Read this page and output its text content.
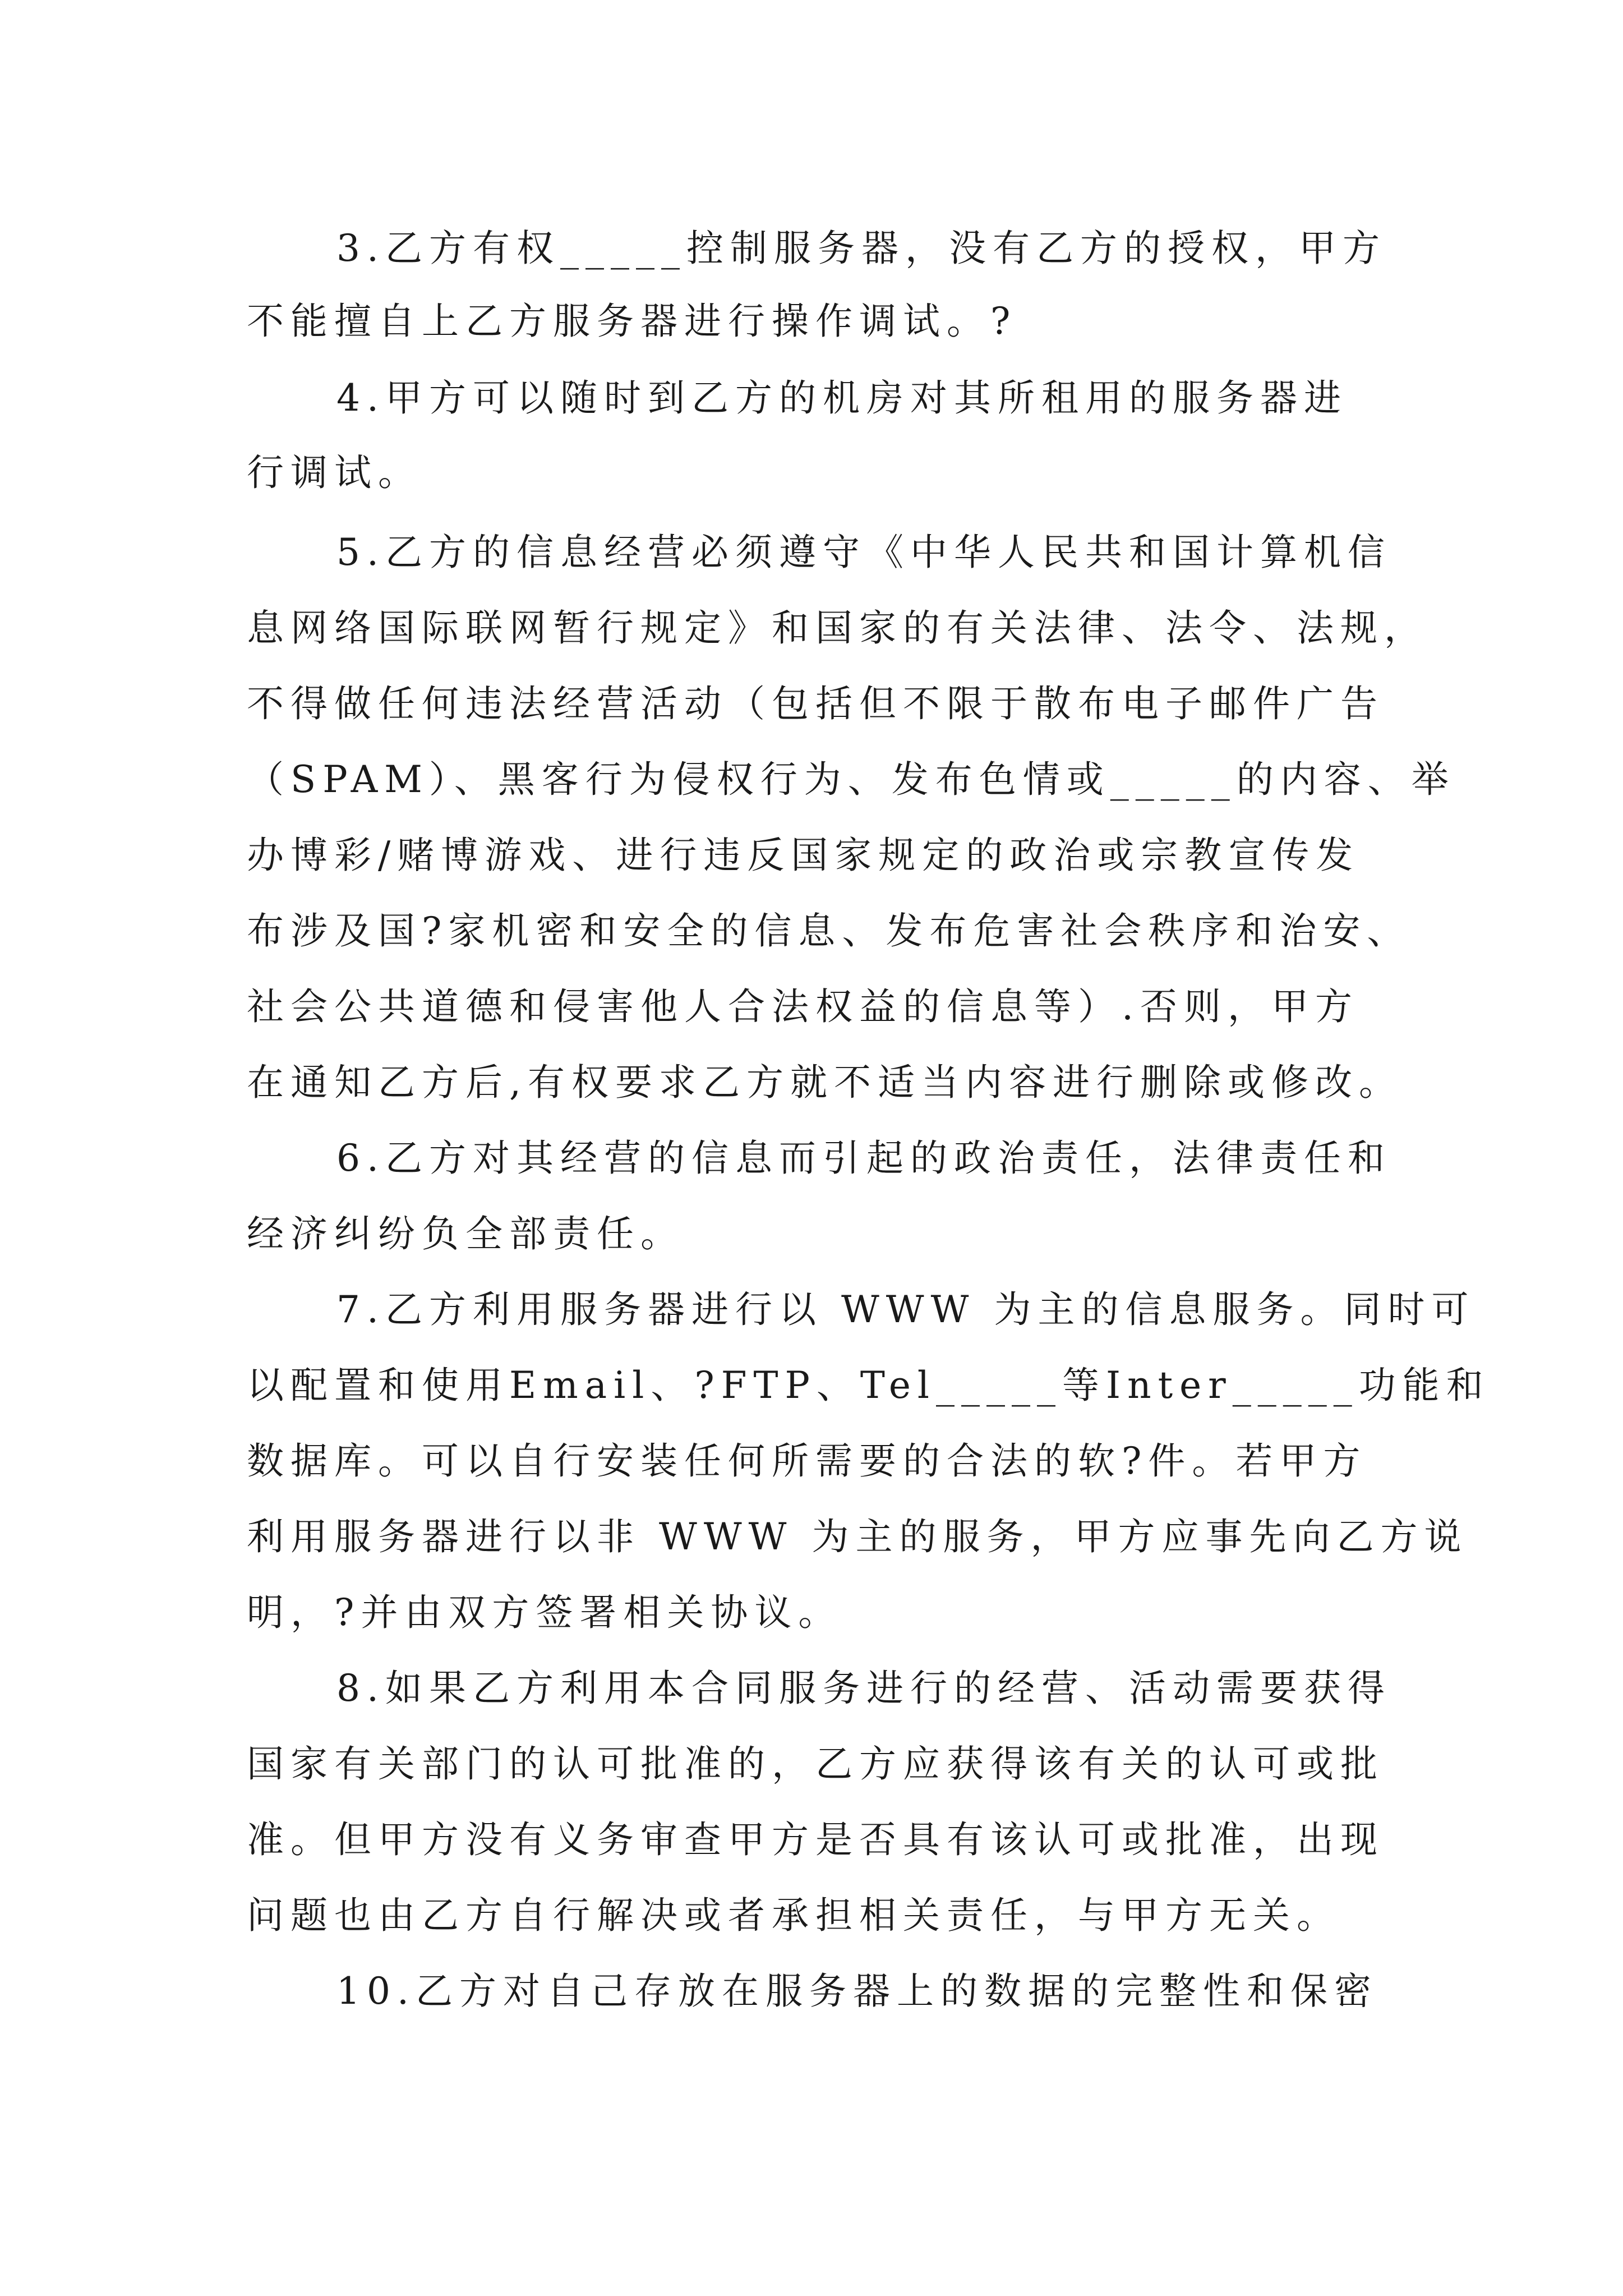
3.乙方有权_____控制服务器，没有乙方的授权，甲方
不能擅自上乙方服务器进行操作调试。?
4.甲方可以随时到乙方的机房对其所租用的服务器进
行调试。
5.乙方的信息经营必须遵守《中华人民共和国计算机信
息网络国际联网暂行规定》和国家的有关法律、法令、法规，
不得做任何违法经营活动（包括但不限于散布电子邮件广告
（SPAM）、黑客行为侵权行为、发布色情或_____的内容、举
办博彩/赌博游戏、进行违反国家规定的政治或宗教宣传发
布涉及国?家机密和安全的信息、发布危害社会秩序和治安、
社会公共道德和侵害他人合法权益的信息等）.否则，甲方
在通知乙方后,有权要求乙方就不适当内容进行删除或修改。
6.乙方对其经营的信息而引起的政治责任，法律责任和
经济纠纷负全部责任。
7.乙方利用服务器进行以 WWW 为主的信息服务。同时可
以配置和使用Email、?FTP、Tel_____等Inter_____功能和
数据库。可以自行安装任何所需要的合法的软?件。若甲方
利用服务器进行以非 WWW 为主的服务，甲方应事先向乙方说
明，?并由双方签署相关协议。
8.如果乙方利用本合同服务进行的经营、活动需要获得
国家有关部门的认可批准的，乙方应获得该有关的认可或批
准。但甲方没有义务审查甲方是否具有该认可或批准，出现
问题也由乙方自行解决或者承担相关责任，与甲方无关。
10.乙方对自己存放在服务器上的数据的完整性和保密
